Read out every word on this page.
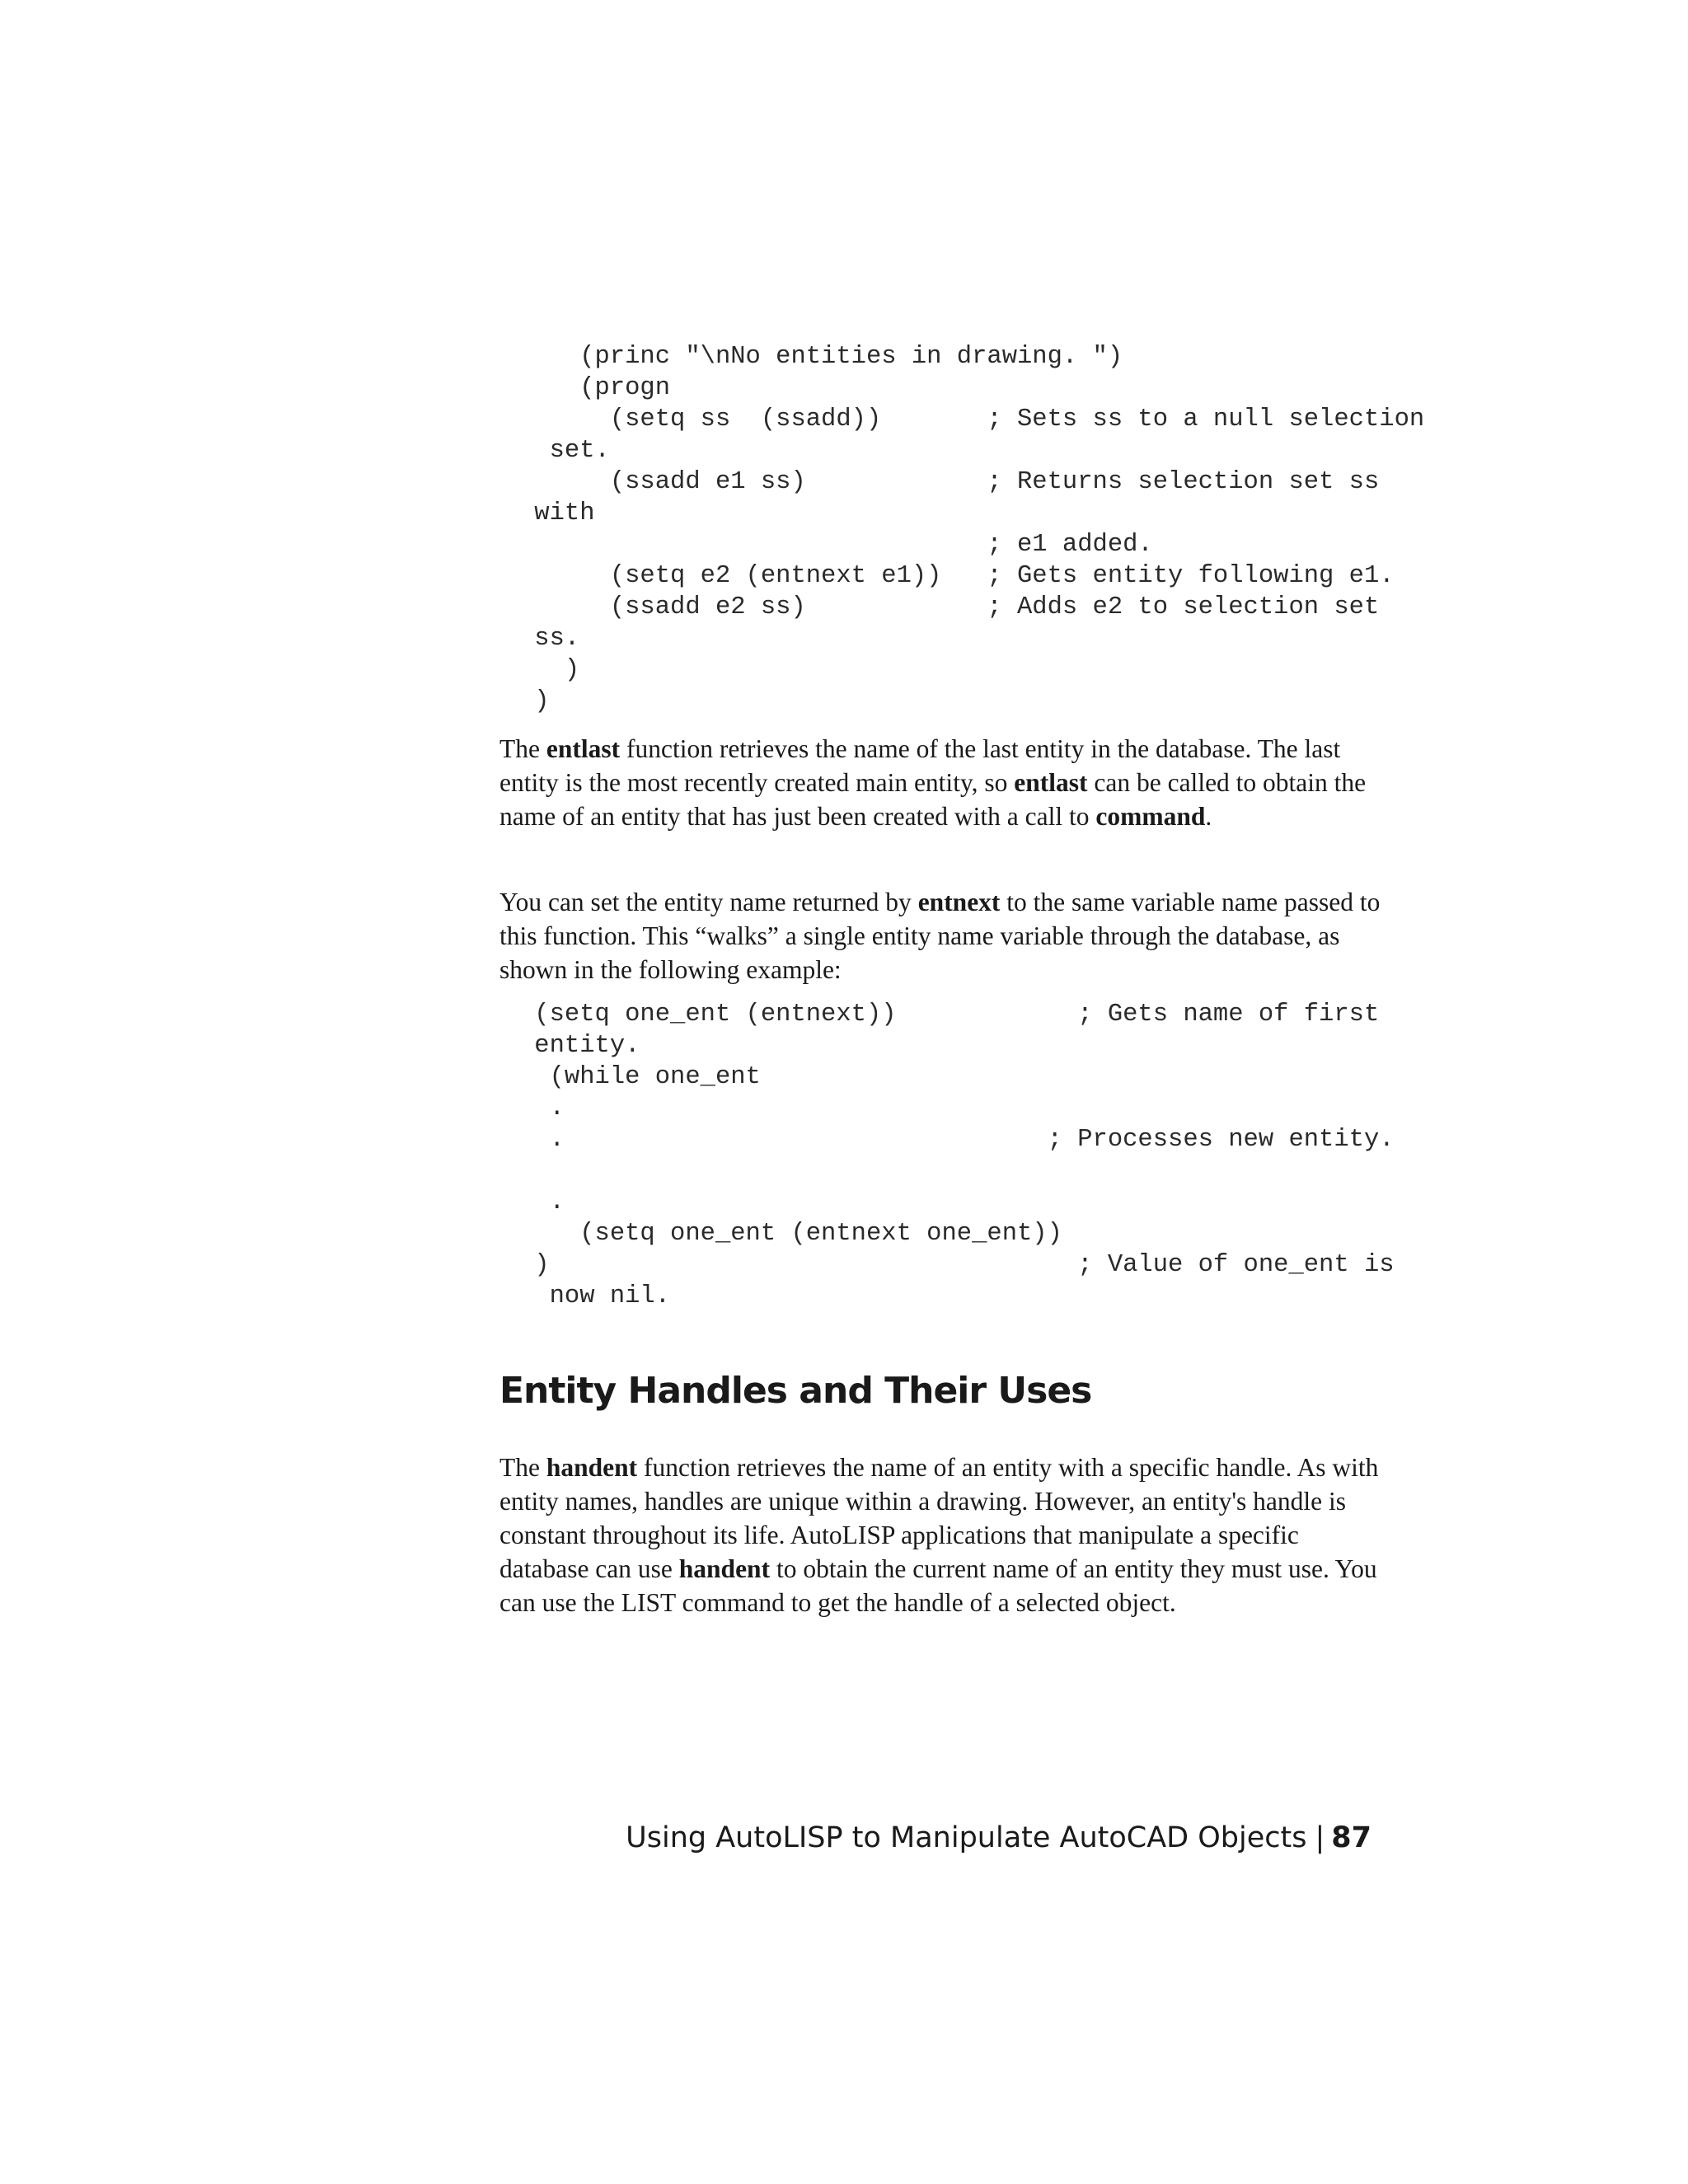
(princ "\nNo entities in drawing. ")
(progn
(setq ss  (ssadd))       ; Sets ss to a null selection
set.
(ssadd e1 ss)            ; Returns selection set ss
with
; e1 added.
(setq e2 (entnext e1))   ; Gets entity following e1.
(ssadd e2 ss)            ; Adds e2 to selection set
ss.
)
)

The entlast function retrieves the name of the last entity in the database. The last entity is the most recently created main entity, so entlast can be called to obtain the name of an entity that has just been created with a call to command.

You can set the entity name returned by entnext to the same variable name passed to this function. This “walks” a single entity name variable through the database, as shown in the following example:

(setq one_ent (entnext))            ; Gets name of first
entity.
(while one_ent
.
.                                ; Processes new entity.
.
(setq one_ent (entnext one_ent))
)                                   ; Value of one_ent is
now nil.
Entity Handles and Their Uses

The handent function retrieves the name of an entity with a specific handle. As with entity names, handles are unique within a drawing. However, an entity's handle is constant throughout its life. AutoLISP applications that manipulate a specific database can use handent to obtain the current name of an entity they must use. You can use the LIST command to get the handle of a selected object.

Using AutoLISP to Manipulate AutoCAD Objects | 87
